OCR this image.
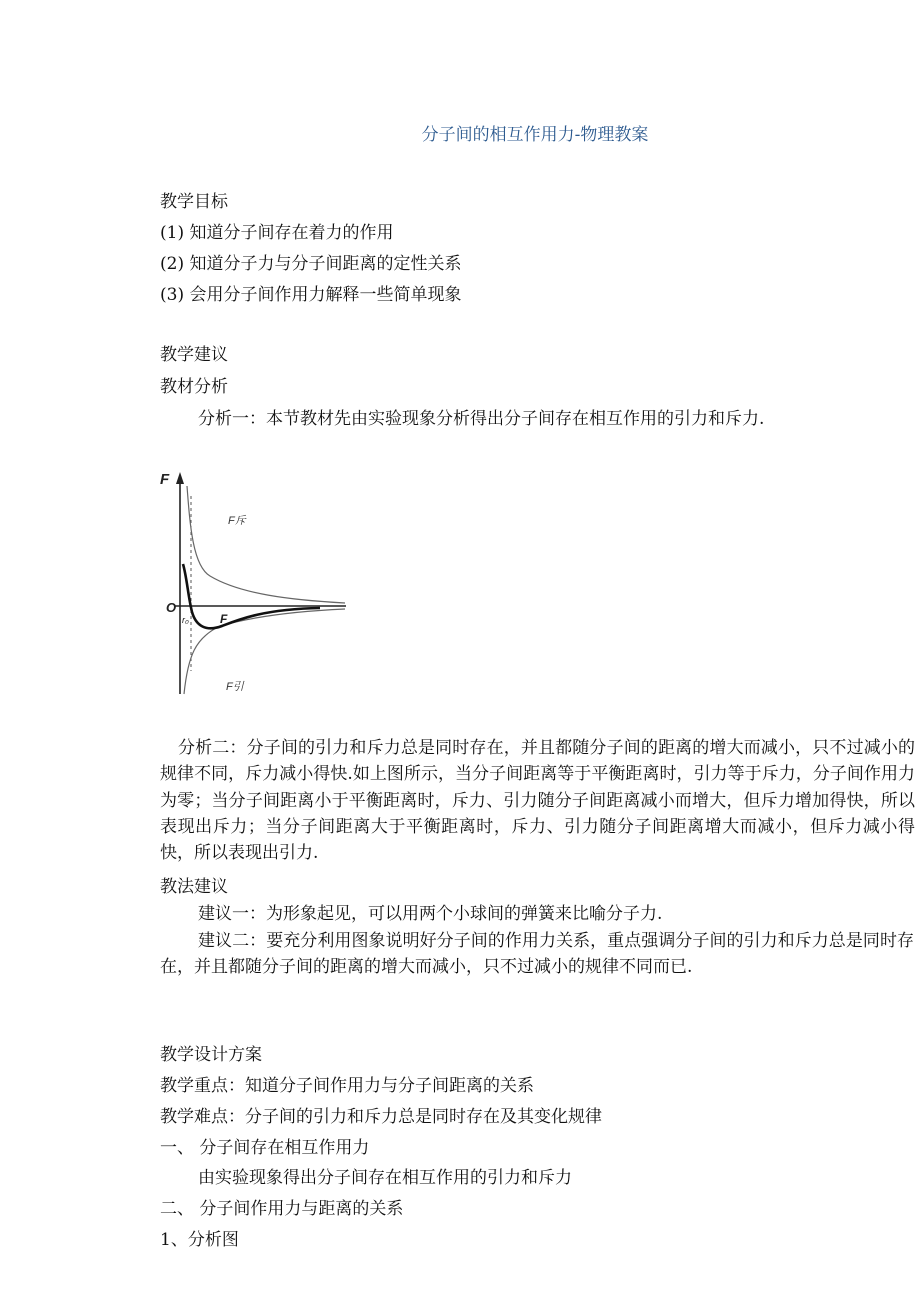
分子间的相互作用力-物理教案
教学目标
(1) 知道分子间存在着力的作用
(2) 知道分子力与分子间距离的定性关系
(3) 会用分子间作用力解释一些简单现象
教学建议
教材分析
分析一：本节教材先由实验现象分析得出分子间存在相互作用的引力和斥力.
F
O
r₀
F斥
F
F引
分析二：分子间的引力和斥力总是同时存在，并且都随分子间的距离的增大而减小，只不过减小的规律不同，斥力减小得快.如上图所示，当分子间距离等于平衡距离时，引力等于斥力，分子间作用力为零；当分子间距离小于平衡距离时，斥力、引力随分子间距离减小而增大，但斥力增加得快，所以表现出斥力；当分子间距离大于平衡距离时，斥力、引力随分子间距离增大而减小，但斥力减小得快，所以表现出引力.
教法建议
建议一：为形象起见，可以用两个小球间的弹簧来比喻分子力.
建议二：要充分利用图象说明好分子间的作用力关系，重点强调分子间的引力和斥力总是同时存在，并且都随分子间的距离的增大而减小，只不过减小的规律不同而已.
教学设计方案
教学重点：知道分子间作用力与分子间距离的关系
教学难点：分子间的引力和斥力总是同时存在及其变化规律
一、 分子间存在相互作用力
由实验现象得出分子间存在相互作用的引力和斥力
二、 分子间作用力与距离的关系
1、分析图
